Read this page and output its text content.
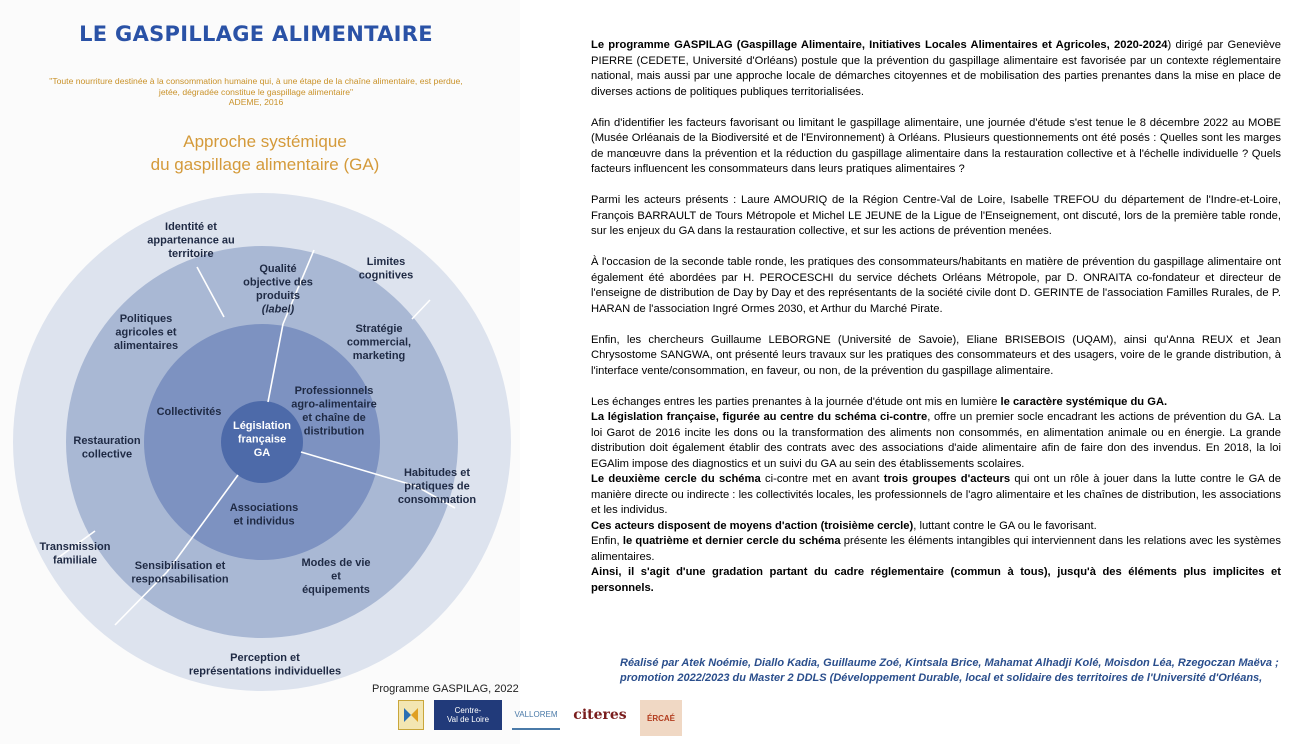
LE GASPILLAGE ALIMENTAIRE
"Toute nourriture destinée à la consommation humaine qui, à une étape de la chaîne alimentaire, est perdue,
jetée, dégradée constitue le gaspillage alimentaire"
ADEME, 2016
Approche systémique
du gaspillage alimentaire (GA)
Législation française GA
Collectivités
Professionnels agro-alimentaire et chaîne de distribution
Associations et individus
Qualité objective des produits (label)
Stratégie commercial, marketing
Habitudes et pratiques de consommation
Modes de vie et équipements
Sensibilisation et responsabilisation
Restauration collective
Politiques agricoles et alimentaires
Identité et appartenance au territoire
Limites cognitives
Transmission familiale
Perception et représentations individuelles
Programme GASPILAG, 2022
Centre-
Val de Loire
VALLOREM citeres	ÉRCAÉ

Le programme GASPILAG (Gaspillage Alimentaire, Initiatives Locales Alimentaires et Agricoles, 2020-2024) dirigé par Geneviève PIERRE (CEDETE, Université d'Orléans) postule que la prévention du gaspillage alimentaire est favorisée par un contexte réglementaire national, mais aussi par une approche locale de démarches citoyennes et de mobilisation des parties prenantes dans la mise en place de diverses actions de politiques publiques territorialisées.

Afin d'identifier les facteurs favorisant ou limitant le gaspillage alimentaire, une journée d'étude s'est tenue le 8 décembre 2022 au MOBE (Musée Orléanais de la Biodiversité et de l'Environnement) à Orléans. Plusieurs questionnements ont été posés : Quelles sont les marges de manœuvre dans la prévention et la réduction du gaspillage alimentaire dans la restauration collective et à l'échelle individuelle ? Quels facteurs influencent les consommateurs dans leurs pratiques alimentaires ?

Parmi les acteurs présents : Laure AMOURIQ de la Région Centre-Val de Loire, Isabelle TREFOU du département de l'Indre-et-Loire, François BARRAULT de Tours Métropole et Michel LE JEUNE de la Ligue de l'Enseignement, ont discuté, lors de la première table ronde, sur les enjeux du GA dans la restauration collective, et sur les actions de prévention menées.

À l'occasion de la seconde table ronde, les pratiques des consommateurs/habitants en matière de prévention du gaspillage alimentaire ont également été abordées par H. PEROCESCHI du service déchets Orléans Métropole, par D. ONRAITA co-fondateur et directeur de l'enseigne de distribution de Day by Day et des représentants de la société civile dont D. GERINTE de l'association Familles Rurales, de P. HARAN de l'association Ingré Ormes 2030, et Arthur du Marché Pirate.

Enfin, les chercheurs Guillaume LEBORGNE (Université de Savoie), Eliane BRISEBOIS (UQAM), ainsi qu'Anna REUX et Jean Chrysostome SANGWA, ont présenté leurs travaux sur les pratiques des consommateurs et des usagers, voire de le grande distribution, à l'interface vente/consommation, en faveur, ou non, de la prévention du gaspillage alimentaire.

Les échanges entres les parties prenantes à la journée d'étude ont mis en lumière le caractère systémique du GA.

La législation française, figurée au centre du schéma ci-contre, offre un premier socle encadrant les actions de prévention du GA. La loi Garot de 2016 incite les dons ou la transformation des aliments non consommés, en alimentation animale ou en énergie. La grande distribution doit également établir des contrats avec des associations d'aide alimentaire afin de faire don des invendus. En 2018, la loi EGAlim impose des diagnostics et un suivi du GA au sein des établissements scolaires.

Le deuxième cercle du schéma ci-contre met en avant trois groupes d'acteurs qui ont un rôle à jouer dans la lutte contre le GA de manière directe ou indirecte : les collectivités locales, les professionnels de l'agro alimentaire et les chaînes de distribution, les associations et les individus.

Ces acteurs disposent de moyens d'action (troisième cercle), luttant contre le GA ou le favorisant.

Enfin, le quatrième et dernier cercle du schéma présente les éléments intangibles qui interviennent dans les relations avec les systèmes alimentaires.

Ainsi, il s'agit d'une gradation partant du cadre réglementaire (commun à tous), jusqu'à des éléments plus implicites et personnels.

Réalisé par Atek Noémie, Diallo Kadia, Guillaume Zoé, Kintsala Brice, Mahamat Alhadji Kolé, Moisdon Léa, Rzegoczan Maëva ;
promotion 2022/2023 du Master 2 DDLS (Développement Durable, local et solidaire des territoires de l'Université d'Orléans,
